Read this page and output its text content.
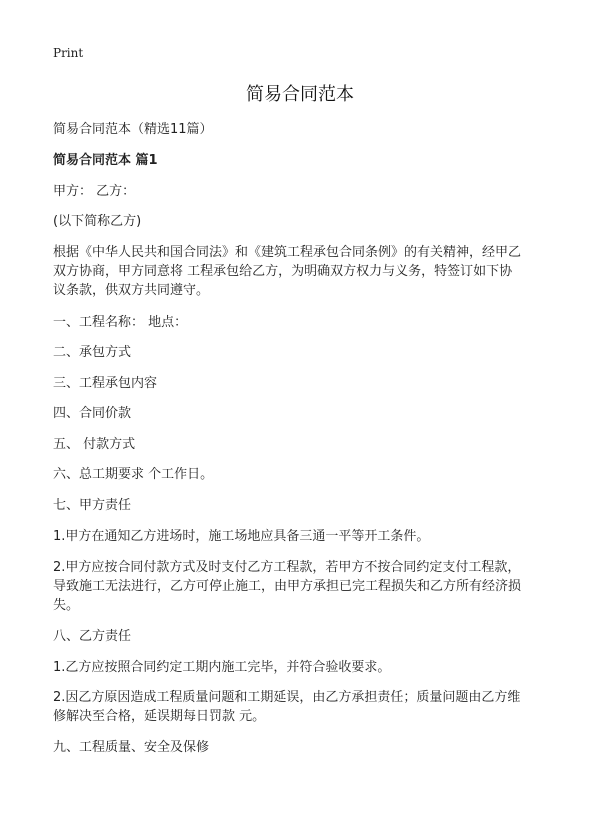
Print
简易合同范本

简易合同范本（精选11篇）

简易合同范本 篇1

甲方： 乙方：

(以下简称乙方)

根据《中华人民共和国合同法》和《建筑工程承包合同条例》的有关精神，经甲乙
双方协商，甲方同意将 工程承包给乙方，为明确双方权力与义务，特签订如下协
议条款，供双方共同遵守。

一、工程名称： 地点：

二、承包方式

三、工程承包内容

四、合同价款

五、 付款方式

六、总工期要求 个工作日。

七、甲方责任

1.甲方在通知乙方进场时，施工场地应具备三通一平等开工条件。

2.甲方应按合同付款方式及时支付乙方工程款，若甲方不按合同约定支付工程款，
导致施工无法进行，乙方可停止施工，由甲方承担已完工程损失和乙方所有经济损
失。

八、乙方责任

1.乙方应按照合同约定工期内施工完毕，并符合验收要求。

2.因乙方原因造成工程质量问题和工期延误，由乙方承担责任；质量问题由乙方维
修解决至合格，延误期每日罚款 元。

九、工程质量、安全及保修
